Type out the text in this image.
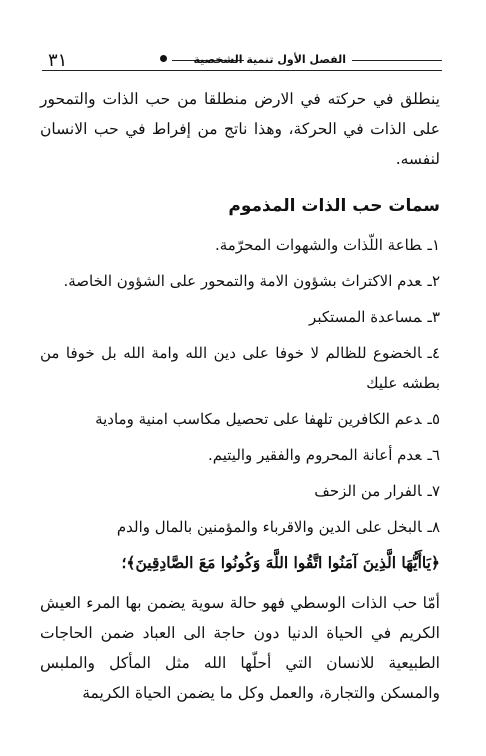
٣١	الفصل الأول تنمية الشخصية

ينطلق في حركته في الارض منطلقا من حب الذات والتمحور على الذات في الحركة، وهذا ناتج من إفراط في حب الانسان لنفسه.

سمات حب الذات المذموم
١ـطاعة اللّذات والشهوات المحرّمة.
٢ـعدم الاكتراث بشؤون الامة والتمحور على الشؤون الخاصة.
٣ـمساعدة المستكبر
٤ـالخضوع للظالم لا خوفا على دين الله وامة الله بل خوفا من بطشه عليك
٥ـدعم الكافرين تلهفا على تحصيل مكاسب امنية ومادية
٦ـعدم أعانة المحروم والفقير واليتيم.
٧ـالفرار من الزحف
٨ـالبخل على الدين والاقرباء والمؤمنين بالمال والدم
﴿يَاأَيُّهَا الَّذِينَ آمَنُوا اتَّقُوا اللَّهَ وَكُونُوا مَعَ الصَّادِقِينَ﴾؛

أمّا حب الذات الوسطي فهو حالة سوية يضمن بها المرء العيش الكريم في الحياة الدنيا دون حاجة الى العباد ضمن الحاجات الطبيعية للانسان التي أحلّها الله مثل المأكل والملبس والمسكن والتجارة، والعمل وكل ما يضمن الحياة الكريمة
